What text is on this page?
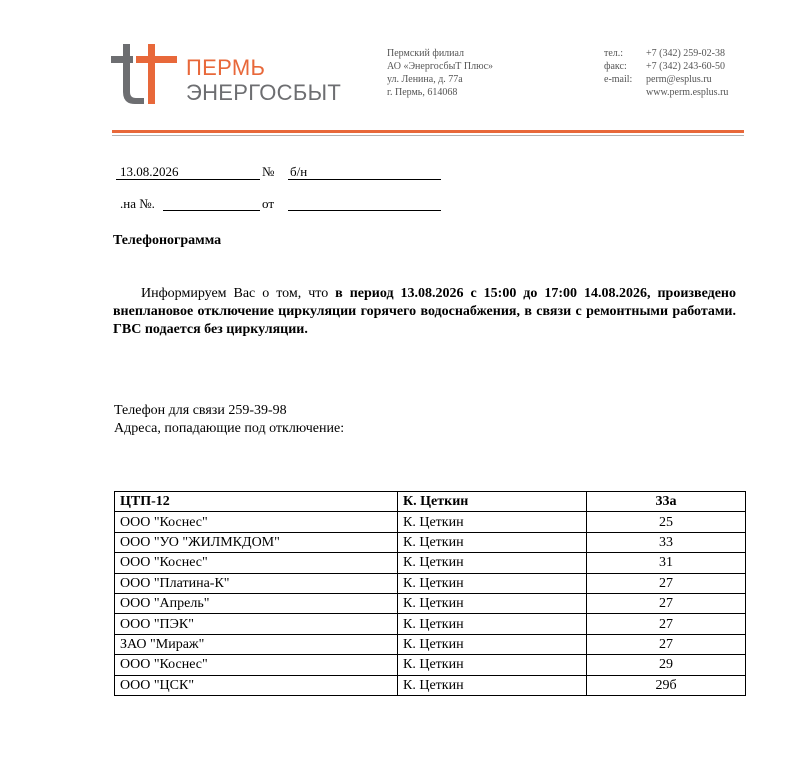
ПЕРМЬ
ЭНЕРГОСБЫТ
Пермский филиал
АО «ЭнергосбыТ Плюс»
ул. Ленина, д. 77а
г. Пермь, 614068
тел.:	+7 (342) 259-02-38
факс:	+7 (342) 243-60-50
e-mail:	perm@esplus.ru
www.perm.esplus.ru
13.08.2026	№ б/н
.на №.	от
Телефонограмма
Информируем Вас о том, что в период 13.08.2026 с 15:00 до 17:00 14.08.2026, произведено внеплановое отключение циркуляции горячего водоснабжения, в связи с ремонтными работами. ГВС подается без циркуляции.
Телефон для связи 259-39-98
Адреса, попадающие под отключение:
ЦТП-12	К. Цеткин	33а
ООО "Коснес"	К. Цеткин	25
ООО "УО "ЖИЛМКДОМ"	К. Цеткин	33
ООО "Коснес"	К. Цеткин	31
ООО "Платина-К"	К. Цеткин	27
ООО "Апрель"	К. Цеткин	27
ООО "ПЭК"	К. Цеткин	27
ЗАО "Мираж"	К. Цеткин	27
ООО "Коснес"	К. Цеткин	29
ООО "ЦСК"	К. Цеткин	29б
